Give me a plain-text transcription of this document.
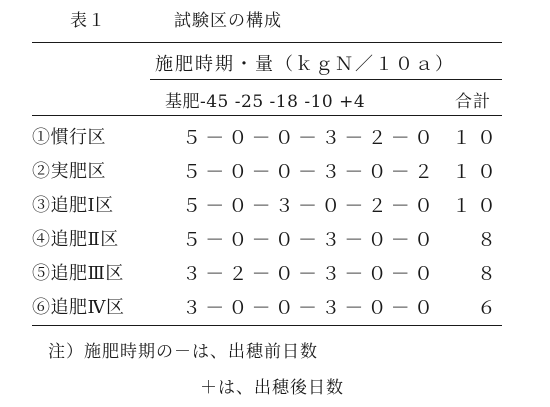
表１	試験区の構成
施肥時期・量（ｋｇＮ／１０ａ）
基肥-45 -25 -18 -10 +4	合計
①慣行区	５－０－０－３－２－０ １０
②実肥区	５－０－０－３－０－２ １０
③追肥Ⅰ区	５－０－３－０－２－０ １０
④追肥Ⅱ区	５－０－０－３－０－０	８
⑤追肥Ⅲ区	３－２－０－３－０－０	８
⑥追肥Ⅳ区	３－０－０－３－０－０	６
注）施肥時期の－は、出穂前日数
＋は、出穂後日数
